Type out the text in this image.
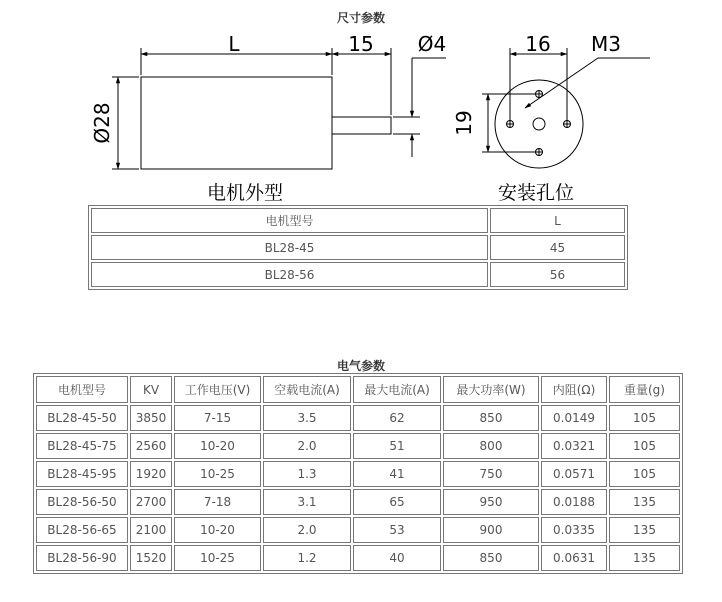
尺寸参数
L	15 Ø4
Ø28
16 M3
19
电机外型	安装孔位
电机型号	L
BL28-45	45
BL28-56	56
电气参数
电机型号	KV	工作电压(V)	空载电流(A)	最大电流(A)	最大功率(W)	内阻(Ω)	重量(g)
BL28-45-50	3850	7-15	3.5	62	850	0.0149	105
BL28-45-75	2560	10-20	2.0	51	800	0.0321	105
BL28-45-95	1920	10-25	1.3	41	750	0.0571	105
BL28-56-50	2700	7-18	3.1	65	950	0.0188	135
BL28-56-65	2100	10-20	2.0	53	900	0.0335	135
BL28-56-90	1520	10-25	1.2	40	850	0.0631	135
